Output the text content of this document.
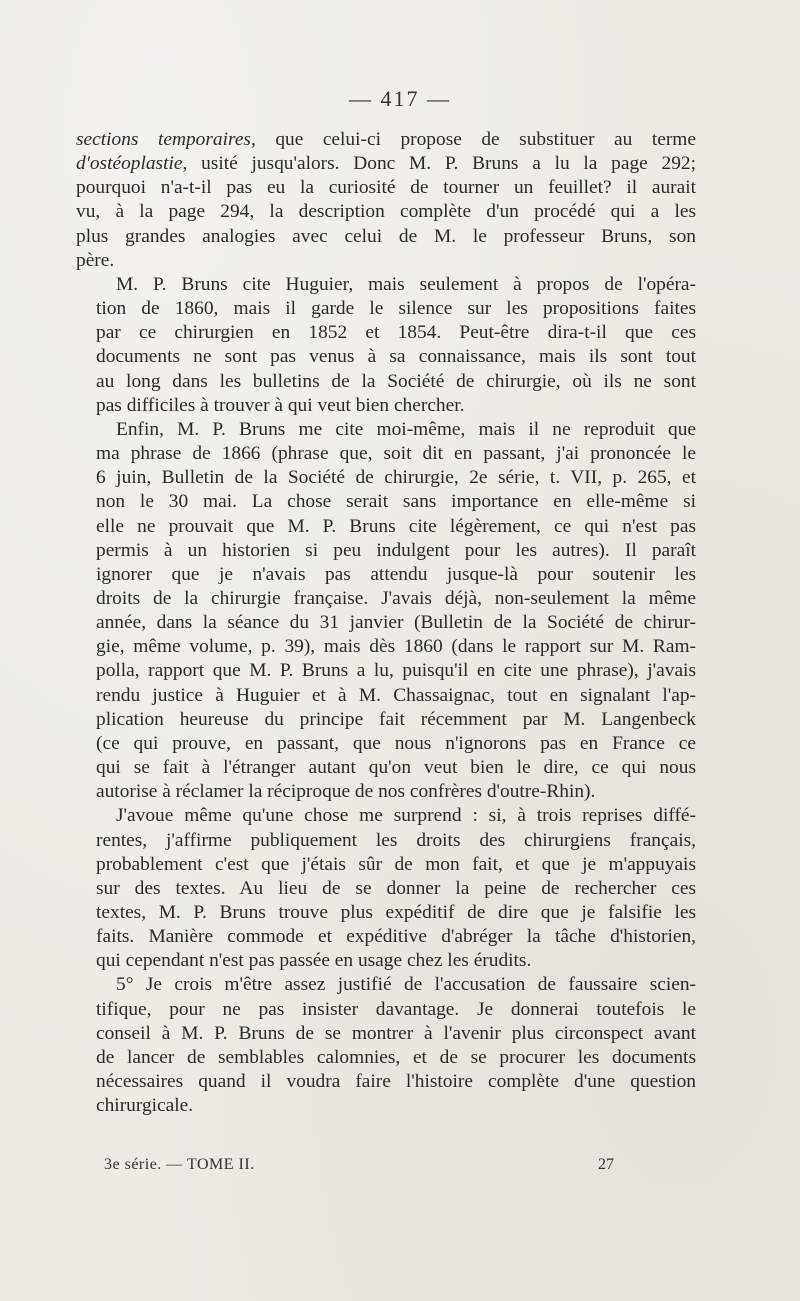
— 417 —
sections temporaires, que celui-ci propose de substituer au terme
d'ostéoplastie, usité jusqu'alors. Donc M. P. Bruns a lu la page 292;
pourquoi n'a-t-il pas eu la curiosité de tourner un feuillet? il aurait
vu, à la page 294, la description complète d'un procédé qui a les
plus grandes analogies avec celui de M. le professeur Bruns, son
père.
M. P. Bruns cite Huguier, mais seulement à propos de l'opéra-
tion de 1860, mais il garde le silence sur les propositions faites
par ce chirurgien en 1852 et 1854. Peut-être dira-t-il que ces
documents ne sont pas venus à sa connaissance, mais ils sont tout
au long dans les bulletins de la Société de chirurgie, où ils ne sont
pas difficiles à trouver à qui veut bien chercher.
Enfin, M. P. Bruns me cite moi-même, mais il ne reproduit que
ma phrase de 1866 (phrase que, soit dit en passant, j'ai prononcée le
6 juin, Bulletin de la Société de chirurgie, 2e série, t. VII, p. 265, et
non le 30 mai. La chose serait sans importance en elle-même si
elle ne prouvait que M. P. Bruns cite légèrement, ce qui n'est pas
permis à un historien si peu indulgent pour les autres). Il paraît
ignorer que je n'avais pas attendu jusque-là pour soutenir les
droits de la chirurgie française. J'avais déjà, non-seulement la même
année, dans la séance du 31 janvier (Bulletin de la Société de chirur-
gie, même volume, p. 39), mais dès 1860 (dans le rapport sur M. Ram-
polla, rapport que M. P. Bruns a lu, puisqu'il en cite une phrase), j'avais
rendu justice à Huguier et à M. Chassaignac, tout en signalant l'ap-
plication heureuse du principe fait récemment par M. Langenbeck
(ce qui prouve, en passant, que nous n'ignorons pas en France ce
qui se fait à l'étranger autant qu'on veut bien le dire, ce qui nous
autorise à réclamer la réciproque de nos confrères d'outre-Rhin).
J'avoue même qu'une chose me surprend : si, à trois reprises diffé-
rentes, j'affirme publiquement les droits des chirurgiens français,
probablement c'est que j'étais sûr de mon fait, et que je m'appuyais
sur des textes. Au lieu de se donner la peine de rechercher ces
textes, M. P. Bruns trouve plus expéditif de dire que je falsifie les
faits. Manière commode et expéditive d'abréger la tâche d'historien,
qui cependant n'est pas passée en usage chez les érudits.
5° Je crois m'être assez justifié de l'accusation de faussaire scien-
tifique, pour ne pas insister davantage. Je donnerai toutefois le
conseil à M. P. Bruns de se montrer à l'avenir plus circonspect avant
de lancer de semblables calomnies, et de se procurer les documents
nécessaires quand il voudra faire l'histoire complète d'une question
chirurgicale.
3e série. — TOME II.	27
